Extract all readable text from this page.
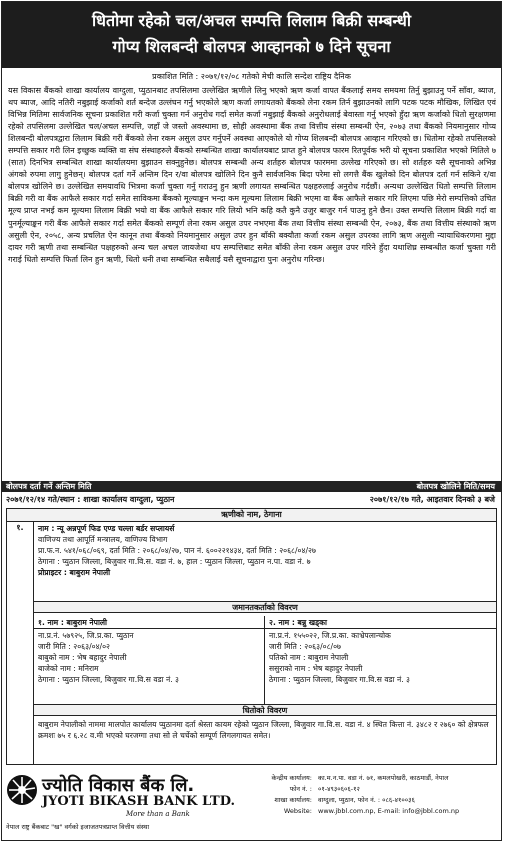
धितोमा रहेको चल/अचल सम्पत्ति लिलाम बिक्री सम्बन्धी
गोप्य शिलबन्दी बोलपत्र आव्हानको ७ दिने सूचना
प्रकाशित मिति : २०७१/१२/०८ गतेको मेची कालि सन्देश राष्ट्रिय दैनिक
यस विकास बैंकको शाखा कार्यालय वाग्दुला, प्युठानबाट तपसिलमा उल्लेखित ऋणीले लिनु भएको ऋण कर्जा वापत बैंकलाई समय समयमा तिर्नु बुझाउनु पर्ने साँवा, ब्याज, थप ब्याज, आदि नतिरी नबुझाई कर्जाको शर्त बन्देज उल्लंघन गर्नु भएकोले ऋण कर्जा लगायतको बैंकको लेना रकम तिर्न बुझाउनको लागि पटक पटक मौखिक, लिखित एवं विभिन्न मितिमा सार्वजनिक सूचना प्रकाशित गरी कर्जा चुक्ता गर्न अनुरोध गर्दा समेत कर्जा नबुझाई बैंकको अनुरोधलाई बेवास्ता गर्नु भएको हुँदा ऋण कर्जाको धितो सुरक्षणमा रहेको तपसिलमा उल्लेखित चल/अचल सम्पत्ति, जहाँ जे जस्तो अवस्थामा छ, सोही अवस्थामा बैंक तथा वित्तीय संस्था सम्बन्धी ऐन, २०७३ तथा बैंकको नियमानुसार गोप्य शिलबन्दी बोलपत्रद्वारा लिलाम बिक्री गरी बैंकको लेना रकम असुल उपर गर्नुपर्ने अवस्था आएकोले यो गोप्य शिलबन्दी बोलपत्र आव्हान गरिएको छ। धितोमा रहेको तपसिलको सम्पत्ति सकार गरी लिन इच्छुक व्यक्ति वा संघ संस्थाहरुले बैंकको सम्बन्धित शाखा कार्यालयबाट प्राप्त हुने बोलपत्र फारम रितपूर्वक भरी यो सूचना प्रकाशित भएको मितिले ७ (सात) दिनभित्र सम्बन्धित शाखा कार्यालयमा बुझाउन सक्नुहुनेछ। बोलपत्र सम्बन्धी अन्य शर्तहरु बोलपत्र फारममा उल्लेख गरिएको छ। सो शर्तहरु यसै सूचनाको अभिन्न अंगको रुपमा लागु हुनेछन्। बोलपत्र दर्ता गर्ने अन्तिम दिन र/वा बोलपत्र खोलिने दिन कुनै सार्वजनिक बिदा परेमा सो लगत्तै बैंक खुलेको दिन बोलपत्र दर्ता गर्न सकिने र/वा बोलपत्र खोलिने छ। उल्लेखित समयावधि भित्रमा कर्जा चुक्ता गर्नु गराउनु हुन ऋणी लगायत सम्बन्धित पक्षहरुलाई अनुरोध गर्दछौं। अन्यथा उल्लेखित धितो सम्पत्ति लिलाम बिक्री गरी वा बैंक आफैले सकार गर्दा समेत साविकमा बैंकको मूल्याङ्कन भन्दा कम मूल्यमा लिलाम बिक्री भएमा वा बैंक आफैले सकार गरि लिएमा पछि मेरो सम्पत्तिको उचित मूल्य प्राप्त नभई कम मूल्यमा लिलाम बिक्री भयो वा बैंक आफैले सकार गरि लियो भनि कहि कतै कुनै उजुर बाजुर गर्न पाउनु हुने छैन। उक्त सम्पत्ति लिलाम बिक्री गर्दा वा पुनर्मूल्याङ्कन गरी बैंक आफैले सकार गर्दा समेत बैंकको सम्पूर्ण लेना रकम असुल उपर नभएमा बैंक तथा वित्तीय संस्था सम्बन्धी ऐन, २०७३, बैंक तथा वित्तीय संस्थाको ऋण असुली ऐन, २०५८, अन्य प्रचलित ऐन कानून तथा बैंकको नियमानुसार असुल उपर हुन बाँकी बक्यौता कर्जा रकम असुल उपरका लागि ऋण असुली न्यायाधिकरणमा मुद्दा दायर गरी ऋणी तथा सम्बन्धित पक्षहरुको अन्य चल अचल जायजेथा थप सम्पत्तिबाट समेत बाँकी लेना रकम असुल उपर गरिने हुँदा यथाशिघ्र सम्बन्धीत कर्जा चुक्ता गरी गराई धितो सम्पत्ति फिर्ता लिन हुन ऋणी, धितो धनी तथा सम्बन्धित सबैलाई यसै सूचनाद्वारा पुनः अनुरोध गरिन्छ।
बोलपत्र दर्ता गर्ने अन्तिम मिति	बोलपत्र खोलिने मिति/समय
२०७१/१२/१४ गते/स्थान : शाखा कार्यालय वाग्दुला, प्युठान	२०७१/१२/१७ गते, आइतवार दिनको ३ बजे
ऋणीको नाम, ठेगाना
१.	नाम : न्यू अन्नपूर्ण फिड एण्ड चल्ला बर्डर सप्लायर्स
वाणिज्य तथा आपूर्ति मन्त्रालय, वाणिज्य विभाग
प्रा.फ.न. ५४१/०६८/०६९, दर्ता मिति : २०६८/०४/२७, पान नं. ६००२२१४३४, दर्ता मिति : २०६८/०४/२७
ठेगाना : प्युठान जिल्ला, बिजुवार गा.वि.स. वडा नं. ७, हाल : प्युठान जिल्ला, प्युठान न.पा. वडा नं. ७
प्रोप्राइटर : बाबुराम नेपाली
जमानतकर्ताको विवरण
१. नाम : बाबुराम नेपाली
ना.प्र.नं. ५७९२५, जि.प्र.का. प्युठान
जारी मिति : २०६३/०४/०२
बाबुको नाम : भेष बहादुर नेपाली
बाजेको नाम : मनिराम
ठेगाना : प्युठान जिल्ला, बिजुवार गा.वि.स वडा नं. ३
२. नाम : बन्नु खड्का
ना.प्र.नं. १५५०२२, जि.प्र.का. काभ्रेपलान्चोक
जारी मिति : २०६३/०८/०७
पतिको नाम : बाबुराम नेपाली
ससुराको नाम : भेष बहादुर नेपाली
ठेगाना : प्युठान जिल्ला, बिजुवार गा.वि.स वडा नं. ३
धितोको विवरण
बाबुराम नेपालीको नाममा मालपोत कार्यालय प्युठानमा दर्ता श्रेस्ता कायम रहेको प्युठान जिल्ला, बिजुवार गा.वि.स. वडा नं. ४ स्थित कित्ता नं. ३४८२ र २७६० को क्षेत्रफल क्रमशः ७५ र ६.२८ व.मी भएको घरजग्गा तथा सो ले चर्चेको सम्पूर्ण लिगलगायत समेत।
ज्योति विकास बैंक लि.
JYOTI BIKASH BANK LTD.
More than a Bank
नेपाल राष्ट्र बैंकबाट "ख" वर्गको इजाजतपत्रप्राप्त वित्तीय संस्था
केन्द्रीय कार्यालय: का.म.न.पा. वडा नं. ७१, कमलपोखरी, काठमाडौं, नेपाल
फोन नं. : ०१-४९३०६०६-१२
शाखा कार्यालय: वाग्दुला, प्युठान, फोन नं. : ०८६-४१००३६
Website: www.jbbl.com.np, E-mail: info@jbbl.com.np
